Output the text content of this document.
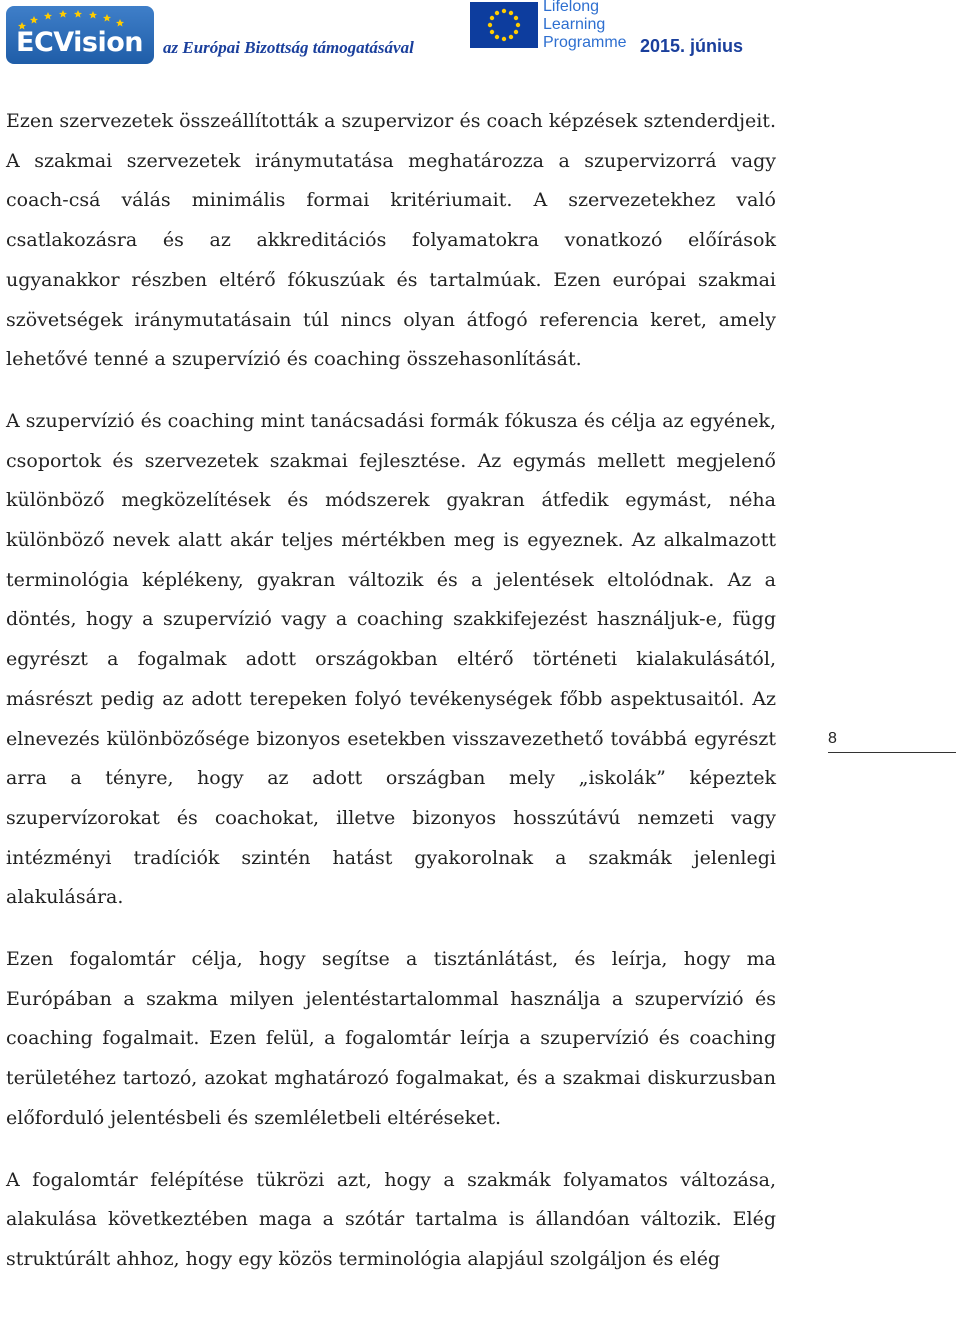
ECVision az Európai Bizottság támogatásával
Lifelong
Learning
Programme 2015. június

Ezen szervezetek összeállították a szupervizor és coach képzések sztenderdjeit. A szakmai szervezetek iránymutatása meghatározza a szupervizorrá vagy coach-csá válás minimális formai kritériumait. A szervezetekhez való csatlakozásra és az akkreditációs folyamatokra vonatkozó előírások ugyanakkor részben eltérő fókuszúak és tartalmúak. Ezen európai szakmai szövetségek iránymutatásain túl nincs olyan átfogó referencia keret, amely lehetővé tenné a szupervízió és coaching összehasonlítását.

A szupervízió és coaching mint tanácsadási formák fókusza és célja az egyének, csoportok és szervezetek szakmai fejlesztése. Az egymás mellett megjelenő különböző megközelítések és módszerek gyakran átfedik egymást, néha különböző nevek alatt akár teljes mértékben meg is egyeznek. Az alkalmazott terminológia képlékeny, gyakran változik és a jelentések eltolódnak. Az a döntés, hogy a szupervízió vagy a coaching szakkifejezést használjuk-e, függ egyrészt a fogalmak adott országokban eltérő történeti kialakulásától, másrészt pedig az adott terepeken folyó tevékenységek főbb aspektusaitól. Az elnevezés különbözősége bizonyos esetekben visszavezethető továbbá egyrészt arra a tényre, hogy az adott országban mely „iskolák” képeztek szupervízorokat és coachokat, illetve bizonyos hosszútávú nemzeti vagy intézményi tradíciók szintén hatást gyakorolnak a szakmák jelenlegi alakulására.

Ezen fogalomtár célja, hogy segítse a tisztánlátást, és leírja, hogy ma Európában a szakma milyen jelentéstartalommal használja a szupervízió és coaching fogalmait. Ezen felül, a fogalomtár leírja a szupervízió és coaching területéhez tartozó, azokat mghatározó fogalmakat, és a szakmai diskurzusban előforduló jelentésbeli és szemléletbeli eltéréseket.

A fogalomtár felépítése tükrözi azt, hogy a szakmák folyamatos változása, alakulása következtében maga a szótár tartalma is állandóan változik. Elég struktúrált ahhoz, hogy egy közös terminológia alapjául szolgáljon és elég

8
